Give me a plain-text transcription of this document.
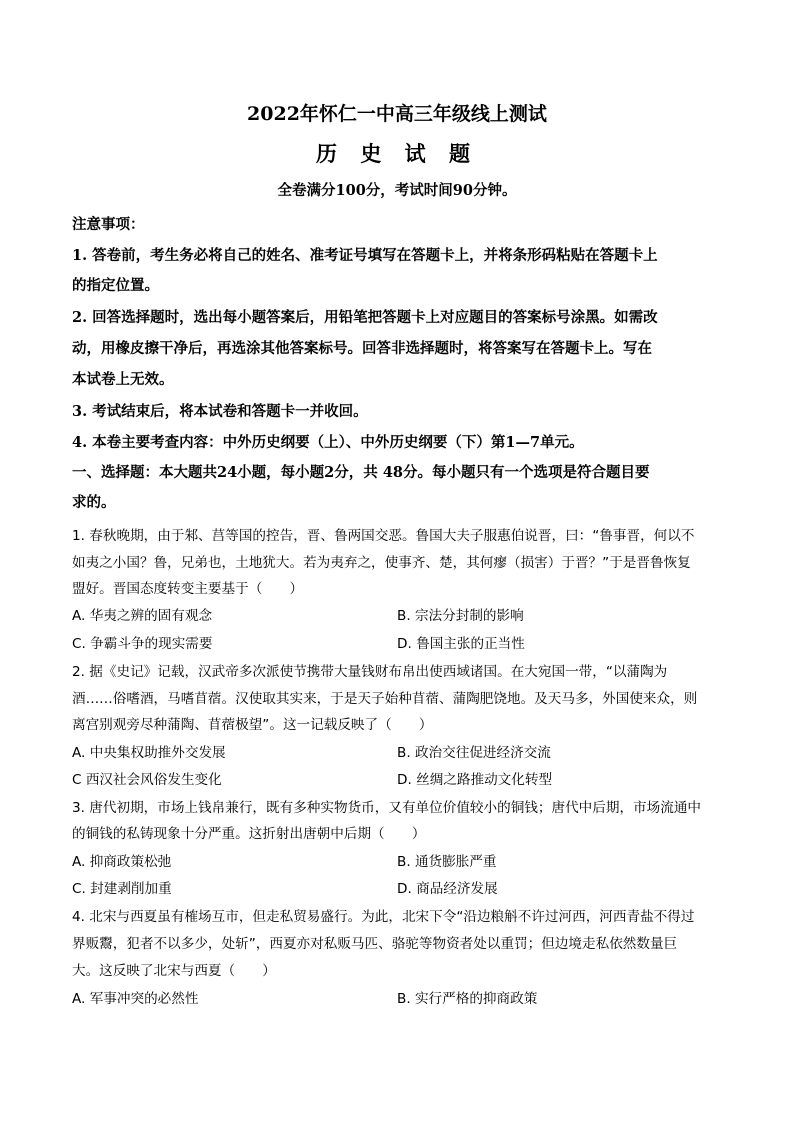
2022年怀仁一中高三年级线上测试
历 史 试 题
全卷满分100分，考试时间90分钟。
注意事项：
1. 答卷前，考生务必将自己的姓名、准考证号填写在答题卡上，并将条形码粘贴在答题卡上
的指定位置。
2. 回答选择题时，选出每小题答案后，用铅笔把答题卡上对应题目的答案标号涂黑。如需改
动，用橡皮擦干净后，再选涂其他答案标号。回答非选择题时，将答案写在答题卡上。写在
本试卷上无效。
3. 考试结束后，将本试卷和答题卡一并收回。
4. 本卷主要考查内容：中外历史纲要（上）、中外历史纲要（下）第1—7单元。
一、选择题：本大题共24小题，每小题2分，共 48分。每小题只有一个选项是符合题目要
求的。
1. 春秋晚期，由于邾、莒等国的控告，晋、鲁两国交恶。鲁国大夫子服惠伯说晋，曰：“鲁事晋，何以不
如夷之小国？鲁，兄弟也，土地犹大。若为夷弃之，使事齐、楚，其何瘳（损害）于晋？”于是晋鲁恢复
盟好。晋国态度转变主要基于（　　）
A. 华夷之辨的固有观念	B. 宗法分封制的影响
C. 争霸斗争的现实需要	D. 鲁国主张的正当性
2. 据《史记》记载，汉武帝多次派使节携带大量钱财布帛出使西域诸国。在大宛国一带，“以蒲陶为
酒……俗嗜酒，马嗜苜蓿。汉使取其实来，于是天子始种苜蓿、蒲陶肥饶地。及天马多，外国使来众，则
离宫别观旁尽种蒲陶、苜蓿极望”。这一记载反映了（　　）
A. 中央集权助推外交发展	B. 政治交往促进经济交流
C 西汉社会风俗发生变化	D. 丝绸之路推动文化转型
3. 唐代初期，市场上钱帛兼行，既有多种实物货币，又有单位价值较小的铜钱；唐代中后期，市场流通中
的铜钱的私铸现象十分严重。这折射出唐朝中后期（　　）
A. 抑商政策松弛	B. 通货膨胀严重
C. 封建剥削加重	D. 商品经济发展
4. 北宋与西夏虽有榷场互市，但走私贸易盛行。为此，北宋下令“沿边粮斛不许过河西，河西青盐不得过
界贩鬻，犯者不以多少，处斩”，西夏亦对私贩马匹、骆驼等物资者处以重罚；但边境走私依然数量巨
大。这反映了北宋与西夏（　　）
A. 军事冲突的必然性	B. 实行严格的抑商政策
